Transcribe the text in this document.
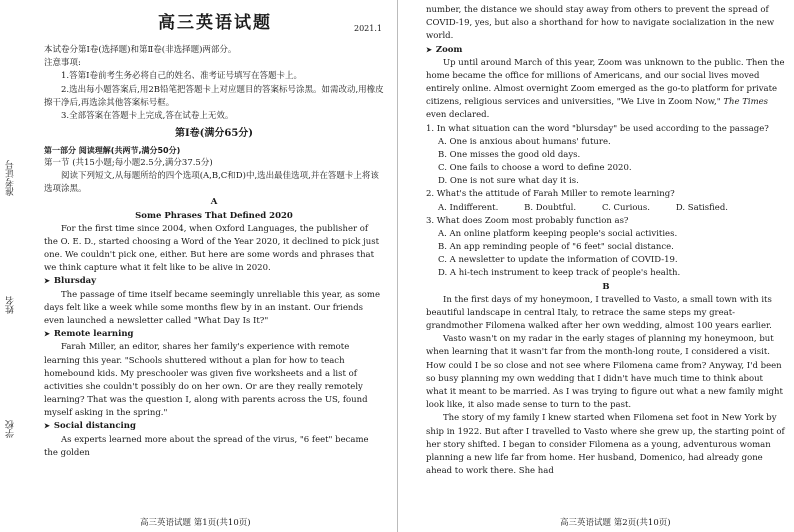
准考证号
姓名
学校
高三英语试题	2021.1

本试卷分第Ⅰ卷(选择题)和第Ⅱ卷(非选择题)两部分。

注意事项:

1.答第Ⅰ卷前考生务必将自己的姓名、准考证号填写在答题卡上。

2.选出每小题答案后,用2B铅笔把答题卡上对应题目的答案标号涂黑。如需改动,用橡皮擦干净后,再选涂其他答案标号框。

3.全部答案在答题卡上完成,答在试卷上无效。

第Ⅰ卷(满分65分)

第一部分 阅读理解(共两节,满分50分)

第一节 (共15小题;每小题2.5分,满分37.5分)

阅读下列短文,从每题所给的四个选项(A,B,C和D)中,选出最佳选项,并在答题卡上将该选项涂黑。

A

Some Phrases That Defined 2020

For the first time since 2004, when Oxford Languages, the publisher of the O. E. D., started choosing a Word of the Year 2020, it declined to pick just one. We couldn't pick one, either. But here are some words and phrases that we think capture what it felt like to be alive in 2020.

➤ Blursday

The passage of time itself became seemingly unreliable this year, as some days felt like a week while some months flew by in an instant. Our friends even launched a newsletter called "What Day Is It?"

➤ Remote learning

Farah Miller, an editor, shares her family's experience with remote learning this year. "Schools shuttered without a plan for how to teach homebound kids. My preschooler was given five worksheets and a list of activities she couldn't possibly do on her own. Or are they really remotely learning? That was the question I, along with parents across the US, found myself asking in the spring."

➤ Social distancing

As experts learned more about the spread of the virus, "6 feet" became the golden

高三英语试题 第1页(共10页)

number, the distance we should stay away from others to prevent the spread of COVID-19, yes, but also a shorthand for how to navigate socialization in the new world.

➤ Zoom

Up until around March of this year, Zoom was unknown to the public. Then the home became the office for millions of Americans, and our social lives moved entirely online. Almost overnight Zoom emerged as the go-to platform for private citizens, religious services and universities, "We Live in Zoom Now," The Times even declared.

1. In what situation can the word "blursday" be used according to the passage?

A. One is anxious about humans' future.

B. One misses the good old days.

C. One fails to choose a word to define 2020.

D. One is not sure what day it is.

2. What's the attitude of Farah Miller to remote learning?

A. Indifferent.	B. Doubtful.	C. Curious.	D. Satisfied.

3. What does Zoom most probably function as?

A. An online platform keeping people's social activities.

B. An app reminding people of "6 feet" social distance.

C. A newsletter to update the information of COVID-19.

D. A hi-tech instrument to keep track of people's health.

B

In the first days of my honeymoon, I travelled to Vasto, a small town with its beautiful landscape in central Italy, to retrace the same steps my great-grandmother Filomena walked after her own wedding, almost 100 years earlier.

Vasto wasn't on my radar in the early stages of planning my honeymoon, but when learning that it wasn't far from the month-long route, I considered a visit. How could I be so close and not see where Filomena came from? Anyway, I'd been so busy planning my own wedding that I didn't have much time to think about what it meant to be married. As I was trying to figure out what a new family might look like, it also made sense to turn to the past.

The story of my family I knew started when Filomena set foot in New York by ship in 1922. But after I travelled to Vasto where she grew up, the starting point of her story shifted. I began to consider Filomena as a young, adventurous woman planning a new life far from home. Her husband, Domenico, had already gone ahead to work there. She had

高三英语试题 第2页(共10页)
